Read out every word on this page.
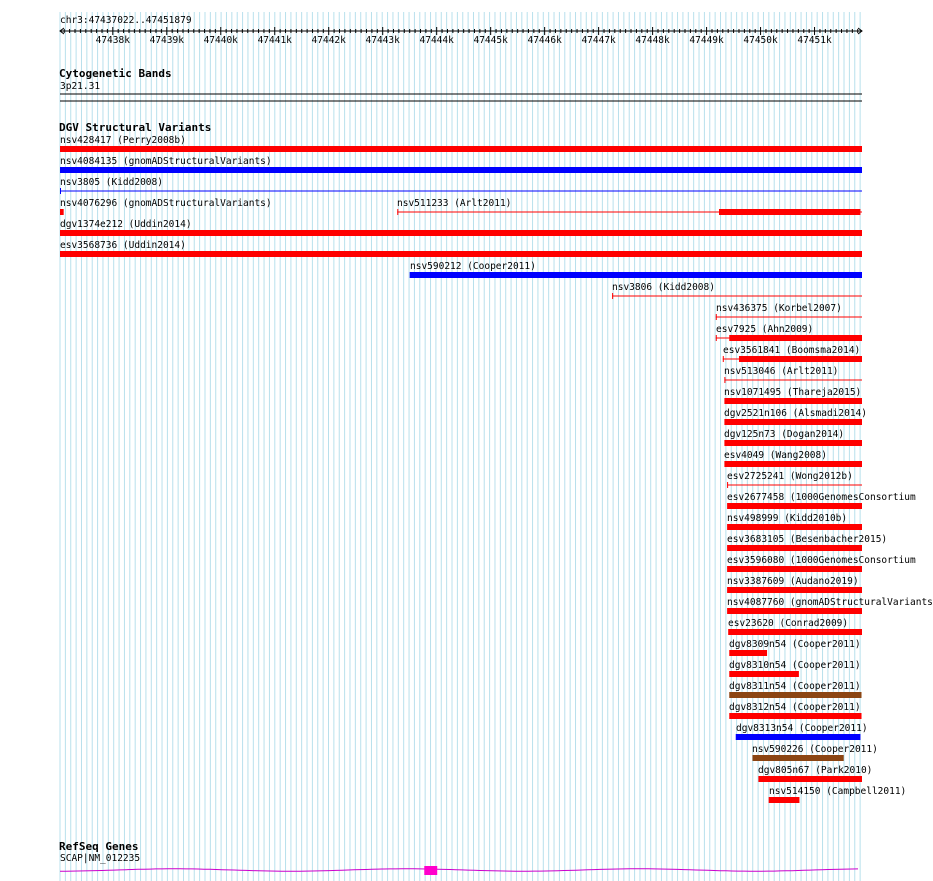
chr3:47437022..47451879
47438k 47439k 47440k 47441k 47442k 47443k 47444k 47445k 47446k 47447k 47448k 47449k 47450k 47451k
Cytogenetic Bands
3p21.31
DGV Structural Variants
nsv428417 (Perry2008b)
nsv4084135 (gnomADStructuralVariants)
nsv3805 (Kidd2008)
nsv4076296 (gnomADStructuralVariants)	nsv511233 (Arlt2011)
dgv1374e212 (Uddin2014)
esv3568736 (Uddin2014)
nsv590212 (Cooper2011)
nsv3806 (Kidd2008)
nsv436375 (Korbel2007)
esv7925 (Ahn2009)
esv3561841 (Boomsma2014)
nsv513046 (Arlt2011)
nsv1071495 (Thareja2015)
dgv2521n106 (Alsmadi2014)
dgv125n73 (Dogan2014)
esv4049 (Wang2008)
esv2725241 (Wong2012b)
esv2677458 (1000GenomesConsortium
nsv498999 (Kidd2010b)
esv3683105 (Besenbacher2015)
esv3596080 (1000GenomesConsortium
nsv3387609 (Audano2019)
nsv4087760 (gnomADStructuralVariants
esv23620 (Conrad2009)
dgv8309n54 (Cooper2011)
dgv8310n54 (Cooper2011)
dgv8311n54 (Cooper2011)
dgv8312n54 (Cooper2011)
dgv8313n54 (Cooper2011)
nsv590226 (Cooper2011)
dgv805n67 (Park2010)
nsv514150 (Campbell2011)
RefSeq Genes
SCAP|NM_012235
